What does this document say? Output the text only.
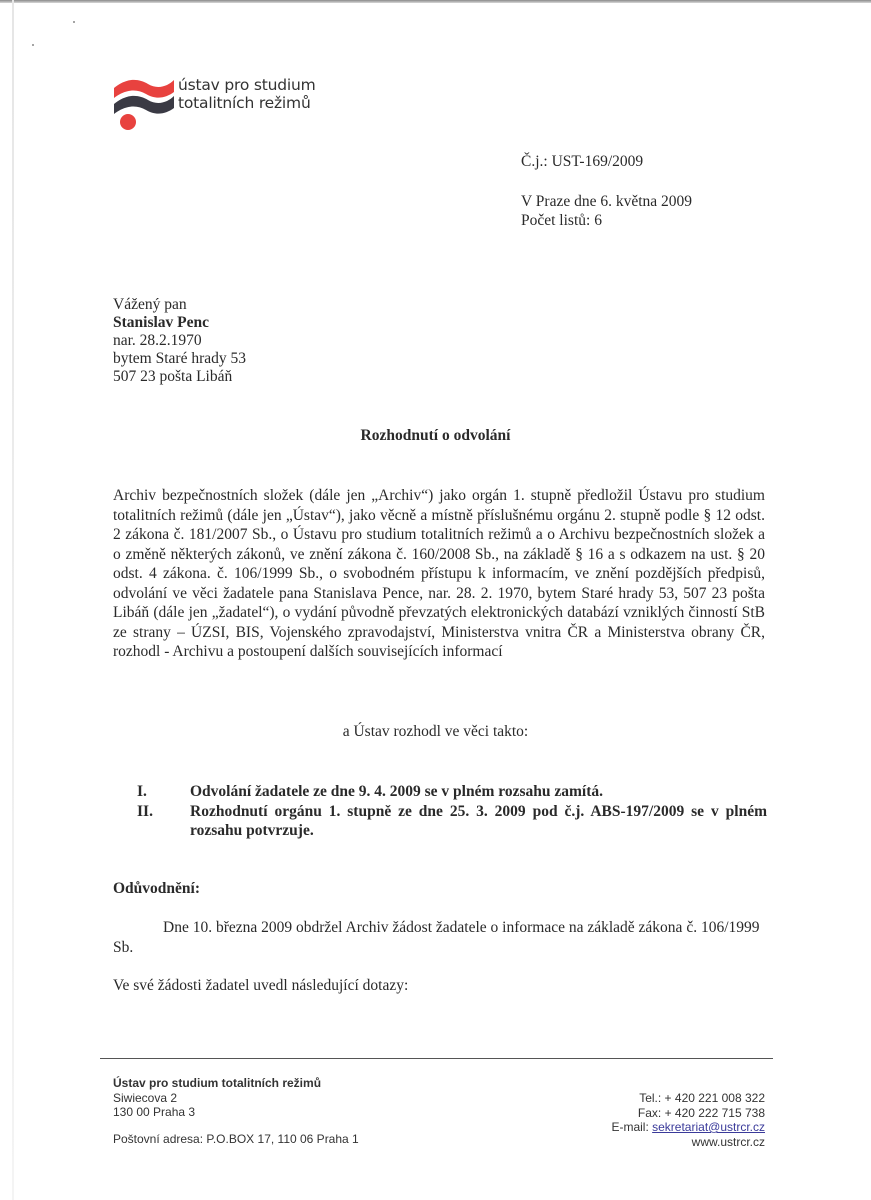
ústav pro studium
totalitních režimů
Č.j.: UST-169/2009
V Praze dne 6. května 2009
Počet listů: 6
Vážený pan
Stanislav Penc
nar. 28.2.1970
bytem Staré hrady 53
507 23 pošta Libáň
Rozhodnutí o odvolání
Archiv bezpečnostních složek (dále jen „Archiv“) jako orgán 1. stupně předložil Ústavu pro studium totalitních režimů (dále jen „Ústav“), jako věcně a místně příslušnému orgánu 2. stupně podle § 12 odst. 2 zákona č. 181/2007 Sb., o Ústavu pro studium totalitních režimů a o Archivu bezpečnostních složek a o změně některých zákonů, ve znění zákona č. 160/2008 Sb., na základě § 16 a s odkazem na ust. § 20 odst. 4 zákona. č. 106/1999 Sb., o svobodném přístupu k informacím, ve znění pozdějších předpisů, odvolání ve věci žadatele pana Stanislava Pence, nar. 28. 2. 1970, bytem Staré hrady 53, 507 23 pošta Libáň (dále jen „žadatel“), o vydání původně převzatých elektronických databází vzniklých činností StB ze strany – ÚZSI, BIS, Vojenského zpravodajství, Ministerstva vnitra ČR a Ministerstva obrany ČR, rozhodl - Archivu a postoupení dalších souvisejících informací
a Ústav rozhodl ve věci takto:
I.	Odvolání žadatele ze dne 9. 4. 2009 se v plném rozsahu zamítá.
II.	Rozhodnutí orgánu 1. stupně ze dne 25. 3. 2009 pod č.j. ABS-197/2009 se v plném rozsahu potvrzuje.
Odůvodnění:
Dne 10. března 2009 obdržel Archiv žádost žadatele o informace na základě zákona č. 106/1999 Sb.
Ve své žádosti žadatel uvedl následující dotazy:
Ústav pro studium totalitních režimů
Siwiecova 2
130 00 Praha 3
Poštovní adresa: P.O.BOX 17, 110 06 Praha 1
Tel.: + 420 221 008 322
Fax: + 420 222 715 738
E-mail: sekretariat@ustrcr.cz
www.ustrcr.cz
